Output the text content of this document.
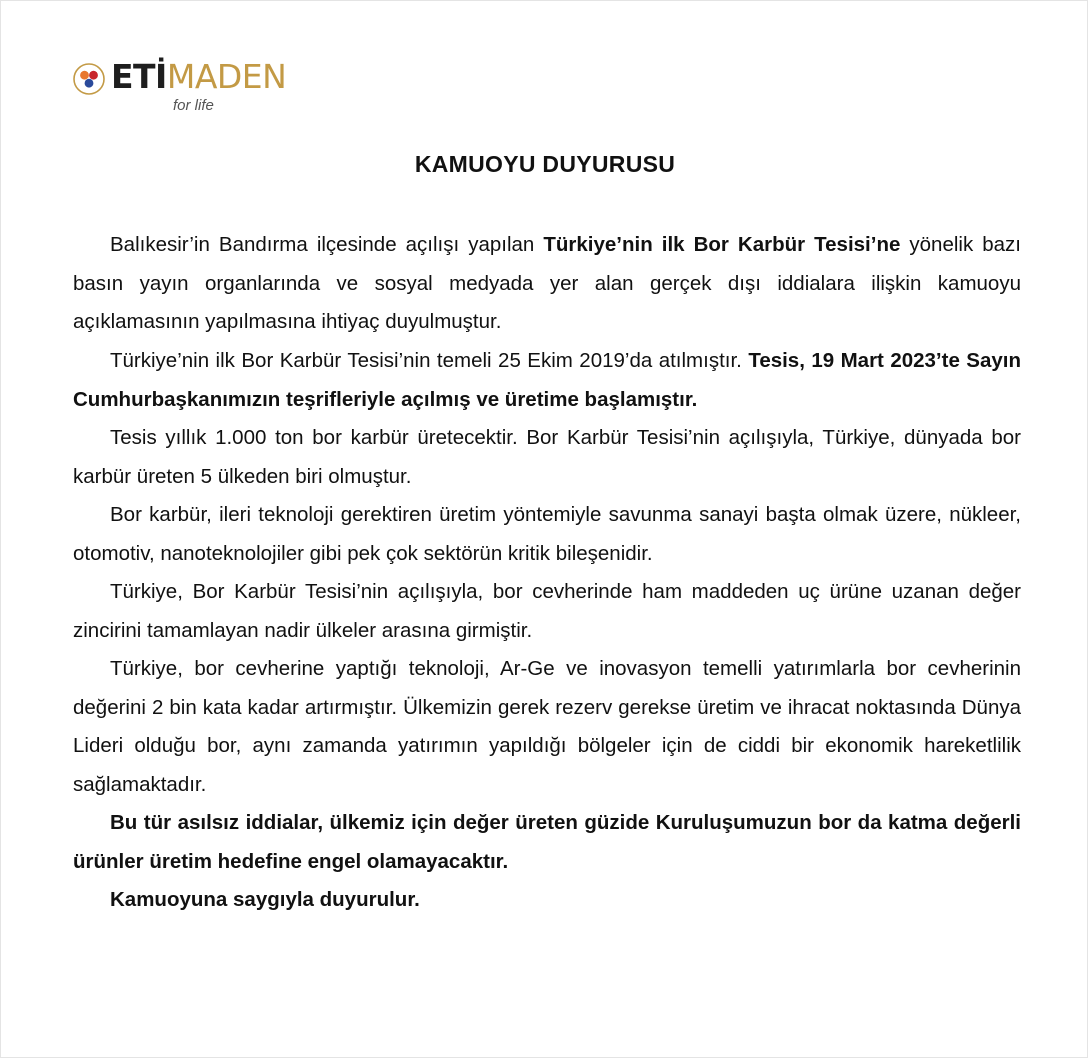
ETİMADEN
for life
KAMUOYU DUYURUSU

Balıkesir’in Bandırma ilçesinde açılışı yapılan Türkiye’nin ilk Bor Karbür Tesisi’ne yönelik bazı basın yayın organlarında ve sosyal medyada yer alan gerçek dışı iddialara ilişkin kamuoyu açıklamasının yapılmasına ihtiyaç duyulmuştur.

Türkiye’nin ilk Bor Karbür Tesisi’nin temeli 25 Ekim 2019’da atılmıştır. Tesis, 19 Mart 2023’te Sayın Cumhurbaşkanımızın teşrifleriyle açılmış ve üretime başlamıştır.

Tesis yıllık 1.000 ton bor karbür üretecektir. Bor Karbür Tesisi’nin açılışıyla, Türkiye, dünyada bor karbür üreten 5 ülkeden biri olmuştur.

Bor karbür, ileri teknoloji gerektiren üretim yöntemiyle savunma sanayi başta olmak üzere, nükleer, otomotiv, nanoteknolojiler gibi pek çok sektörün kritik bileşenidir.

Türkiye, Bor Karbür Tesisi’nin açılışıyla, bor cevherinde ham maddeden uç ürüne uzanan değer zincirini tamamlayan nadir ülkeler arasına girmiştir.

Türkiye, bor cevherine yaptığı teknoloji, Ar-Ge ve inovasyon temelli yatırımlarla bor cevherinin değerini 2 bin kata kadar artırmıştır. Ülkemizin gerek rezerv gerekse üretim ve ihracat noktasında Dünya Lideri olduğu bor, aynı zamanda yatırımın yapıldığı bölgeler için de ciddi bir ekonomik hareketlilik sağlamaktadır.

Bu tür asılsız iddialar, ülkemiz için değer üreten güzide Kuruluşumuzun bor da katma değerli ürünler üretim hedefine engel olamayacaktır.

Kamuoyuna saygıyla duyurulur.
